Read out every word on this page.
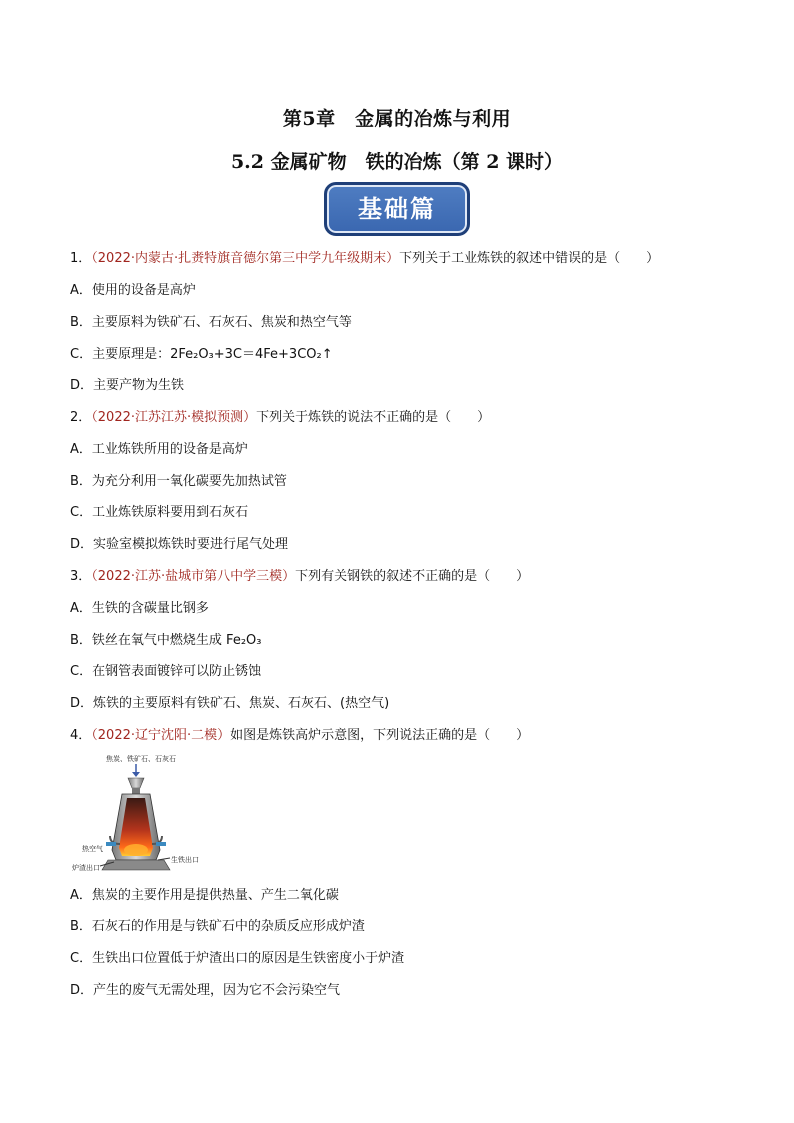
第5章　金属的冶炼与利用
5.2 金属矿物　铁的冶炼（第 2 课时）
基础篇
1．（2022·内蒙古·扎赉特旗音德尔第三中学九年级期末）下列关于工业炼铁的叙述中错误的是（　　）
A．使用的设备是高炉
B．主要原料为铁矿石、石灰石、焦炭和热空气等
C．主要原理是：2Fe₂O₃+3C＝4Fe+3CO₂↑
D．主要产物为生铁
2．（2022·江苏江苏·模拟预测）下列关于炼铁的说法不正确的是（　　）
A．工业炼铁所用的设备是高炉
B．为充分利用一氧化碳要先加热试管
C．工业炼铁原料要用到石灰石
D．实验室模拟炼铁时要进行尾气处理
3．（2022·江苏·盐城市第八中学三模）下列有关钢铁的叙述不正确的是（　　）
A．生铁的含碳量比钢多
B．铁丝在氧气中燃烧生成 Fe₂O₃
C．在钢管表面镀锌可以防止锈蚀
D．炼铁的主要原料有铁矿石、焦炭、石灰石、(热空气)
4．（2022·辽宁沈阳·二模）如图是炼铁高炉示意图，下列说法正确的是（　　）
焦炭、铁矿石、石灰石
热空气
炉渣出口
生铁出口
A．焦炭的主要作用是提供热量、产生二氧化碳
B．石灰石的作用是与铁矿石中的杂质反应形成炉渣
C．生铁出口位置低于炉渣出口的原因是生铁密度小于炉渣
D．产生的废气无需处理，因为它不会污染空气
